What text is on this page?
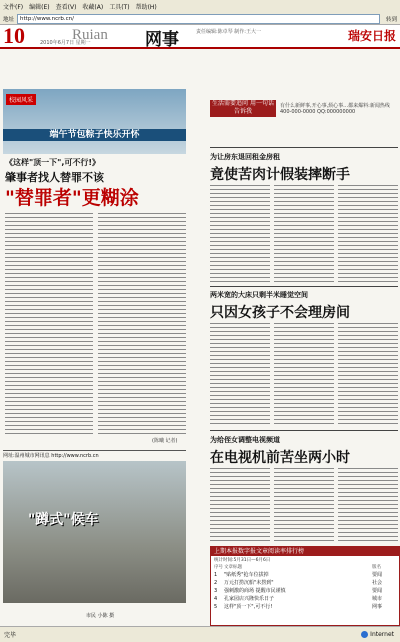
文件(F)	编辑(E)	查看(V)	收藏(A)	工具(T)	帮助(H)
地址	http://www.ncrb.cn/	转到
10	2010年6月7日 星期一
Ruian 网事	责任编辑:陈卓琴 制作:王大一	瑞安日报
校园风采
端午节包粽子快乐开怀
《这样"顶一下",可不行!》
肇事者找人替罪不该
"替罪者"更糊涂
(陈曦 记者)
网址:温州城市网讯息 http://www.ncrb.cn
"蹲式"候车
市民 小陈 摄
生活需要追问 用一句话告诉我
有什么新鲜事,开心事,烦心事…都来爆料:新闻热线 400-000-0000 QQ:000000000
为让房东退回租金房租
竟使苦肉计假装摔断手
两米宽的大床只剩半米睡觉空间
只因女孩子不会理房间
为给侄女调整电视频道
在电视机前苦坐两小时
上期本报数字报文章阅读率排行榜
统计时间:5月31日—6月6日
序号 文章标题	版名
1	"贴纸秀"抢车位拔掉	要闻
2	万元打捞沉船"未捞到"	社会
3	强刺激的商场 提醒市民谨慎	要闻
4	孔家园店兴隆快乐日子	城市
5	这样"顶一下",可不行!	网事
完毕	Internet
